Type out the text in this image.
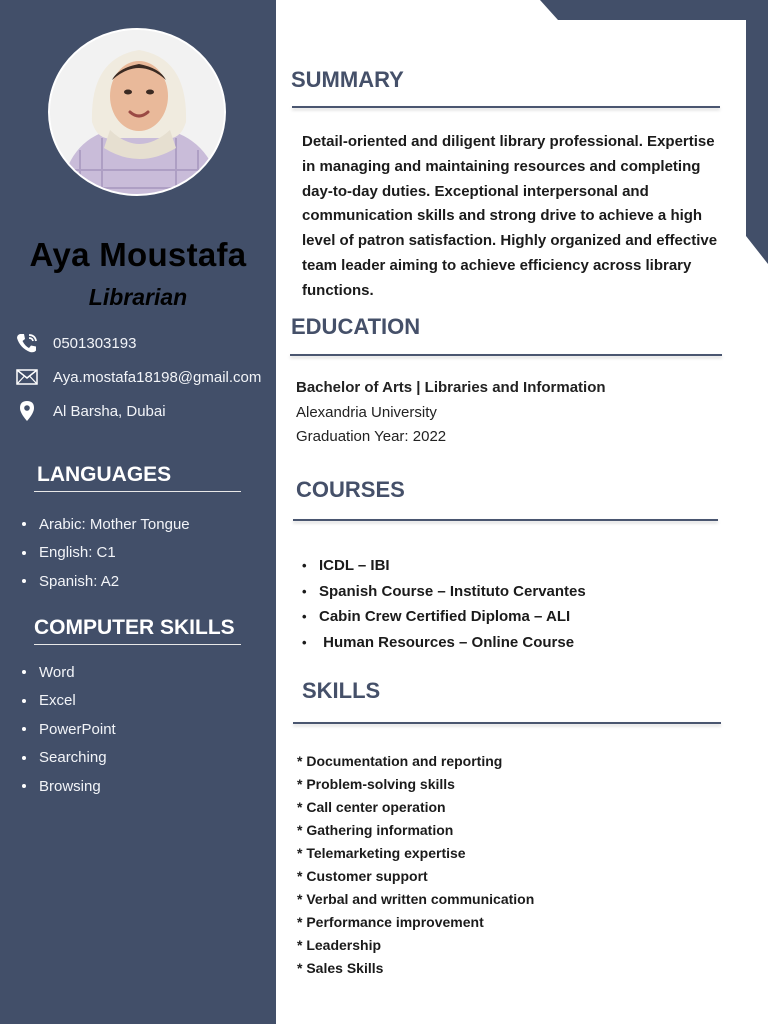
Aya Moustafa
Librarian
0501303193
Aya.mostafa18198@gmail.com
Al Barsha, Dubai
LANGUAGES
Arabic: Mother Tongue
English: C1
Spanish: A2
COMPUTER SKILLS
Word
Excel
PowerPoint
Searching
Browsing
SUMMARY
Detail-oriented and diligent library professional. Expertise in managing and maintaining resources and completing day-to-day duties. Exceptional interpersonal and communication skills and strong drive to achieve a high level of patron satisfaction. Highly organized and effective team leader aiming to achieve efficiency across library functions.
EDUCATION
Bachelor of Arts | Libraries and Information
Alexandria University
Graduation Year: 2022
COURSES
• ICDL – IBI
• Spanish Course – Instituto Cervantes
• Cabin Crew Certified Diploma – ALI
• Human Resources – Online Course
SKILLS
* Documentation and reporting
* Problem-solving skills
* Call center operation
* Gathering information
* Telemarketing expertise
* Customer support
* Verbal and written communication
* Performance improvement
* Leadership
* Sales Skills
